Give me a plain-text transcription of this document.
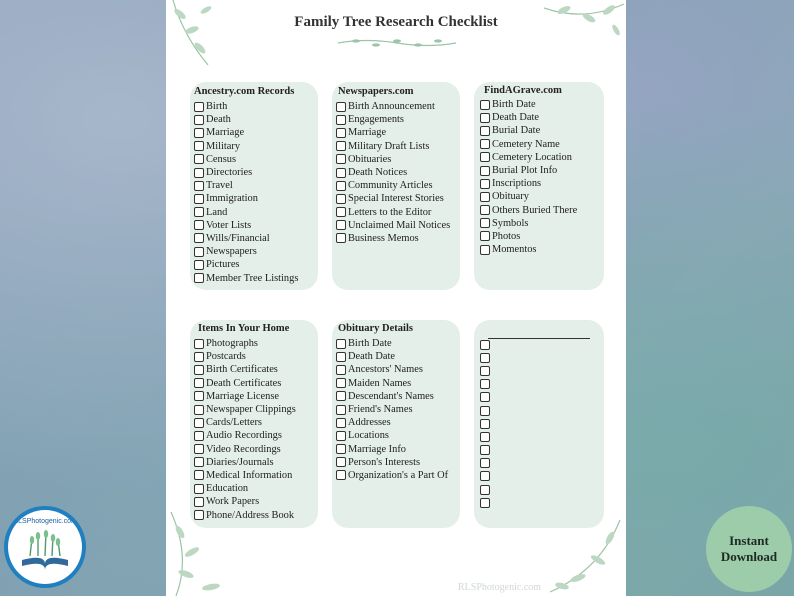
Family Tree Research Checklist
Ancestry.com Records
Birth
Death
Marriage
Military
Census
Directories
Travel
Immigration
Land
Voter Lists
Wills/Financial
Newspapers
Pictures
Member Tree Listings
Newspapers.com
Birth Announcement
Engagements
Marriage
Military Draft Lists
Obituaries
Death Notices
Community Articles
Special Interest Stories
Letters to the Editor
Unclaimed Mail Notices
Business Memos
FindAGrave.com
Birth Date
Death Date
Burial Date
Cemetery Name
Cemetery Location
Burial Plot Info
Inscriptions
Obituary
Others Buried There
Symbols
Photos
Momentos
Items In Your Home
Photographs
Postcards
Birth Certificates
Death Certificates
Marriage License
Newspaper Clippings
Cards/Letters
Audio Recordings
Video Recordings
Diaries/Journals
Medical Information
Education
Work Papers
Phone/Address Book
Obituary Details
Birth Date
Death Date
Ancestors' Names
Maiden Names
Descendant's Names
Friend's Names
Addresses
Locations
Marriage Info
Person's Interests
Organization's a Part Of
RLSPhotogenic.com
RLSPhotogenic.com
Instant
Download
